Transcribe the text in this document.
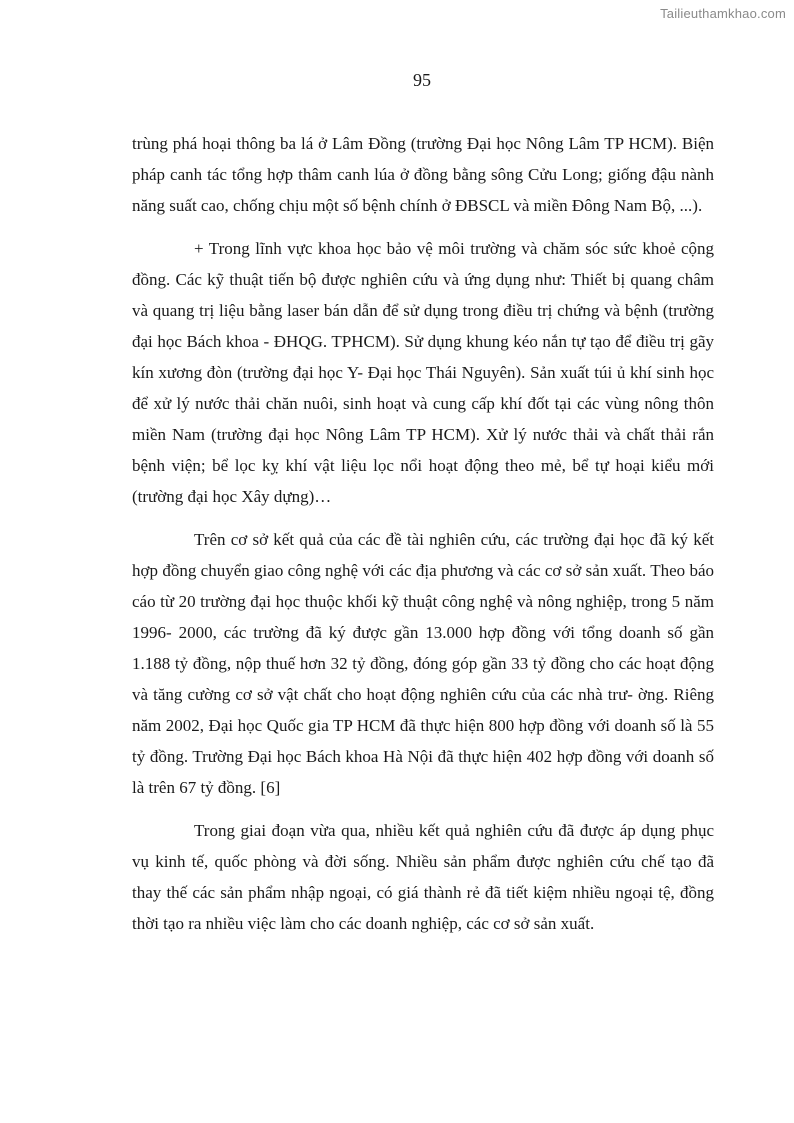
Tailieuthamkhao.com
95

trùng phá hoại thông ba lá ở Lâm Đồng (trường Đại học Nông Lâm TP HCM). Biện pháp canh tác tổng hợp thâm canh lúa ở đồng bằng sông Cửu Long; giống đậu nành năng suất cao, chống chịu một số bệnh chính ở ĐBSCL và miền Đông Nam Bộ, ...).

+ Trong lĩnh vực khoa học bảo vệ môi trường và chăm sóc sức khoẻ cộng đồng. Các kỹ thuật tiến bộ được nghiên cứu và ứng dụng như: Thiết bị quang châm và quang trị liệu bằng laser bán dẫn để sử dụng trong điều trị chứng và bệnh (trường đại học Bách khoa - ĐHQG. TPHCM). Sử dụng khung kéo nắn tự tạo để điều trị gãy kín xương đòn (trường đại học Y- Đại học Thái Nguyên). Sản xuất túi ủ khí sinh học để xử lý nước thải chăn nuôi, sinh hoạt và cung cấp khí đốt tại các vùng nông thôn miền Nam (trường đại học Nông Lâm TP HCM). Xử lý nước thải và chất thải rắn bệnh viện; bể lọc kỵ khí vật liệu lọc nổi hoạt động theo mẻ, bể tự hoại kiểu mới (trường đại học Xây dựng)…

Trên cơ sở kết quả của các đề tài nghiên cứu, các trường đại học đã ký kết hợp đồng chuyển giao công nghệ với các địa phương và các cơ sở sản xuất. Theo báo cáo từ 20 trường đại học thuộc khối kỹ thuật công nghệ và nông nghiệp, trong 5 năm 1996- 2000, các trường đã ký được gần 13.000 hợp đồng với tổng doanh số gần 1.188 tỷ đồng, nộp thuế hơn 32 tỷ đồng, đóng góp gần 33 tỷ đồng cho các hoạt động và tăng cường cơ sở vật chất cho hoạt động nghiên cứu của các nhà trư- ờng. Riêng năm 2002, Đại học Quốc gia TP HCM đã thực hiện 800 hợp đồng với doanh số là 55 tỷ đồng. Trường Đại học Bách khoa Hà Nội đã thực hiện 402 hợp đồng với doanh số là trên 67 tỷ đồng. [6]

Trong giai đoạn vừa qua, nhiều kết quả nghiên cứu đã được áp dụng phục vụ kinh tế, quốc phòng và đời sống. Nhiều sản phẩm được nghiên cứu chế tạo đã thay thế các sản phẩm nhập ngoại, có giá thành rẻ đã tiết kiệm nhiều ngoại tệ, đồng thời tạo ra nhiều việc làm cho các doanh nghiệp, các cơ sở sản xuất.
